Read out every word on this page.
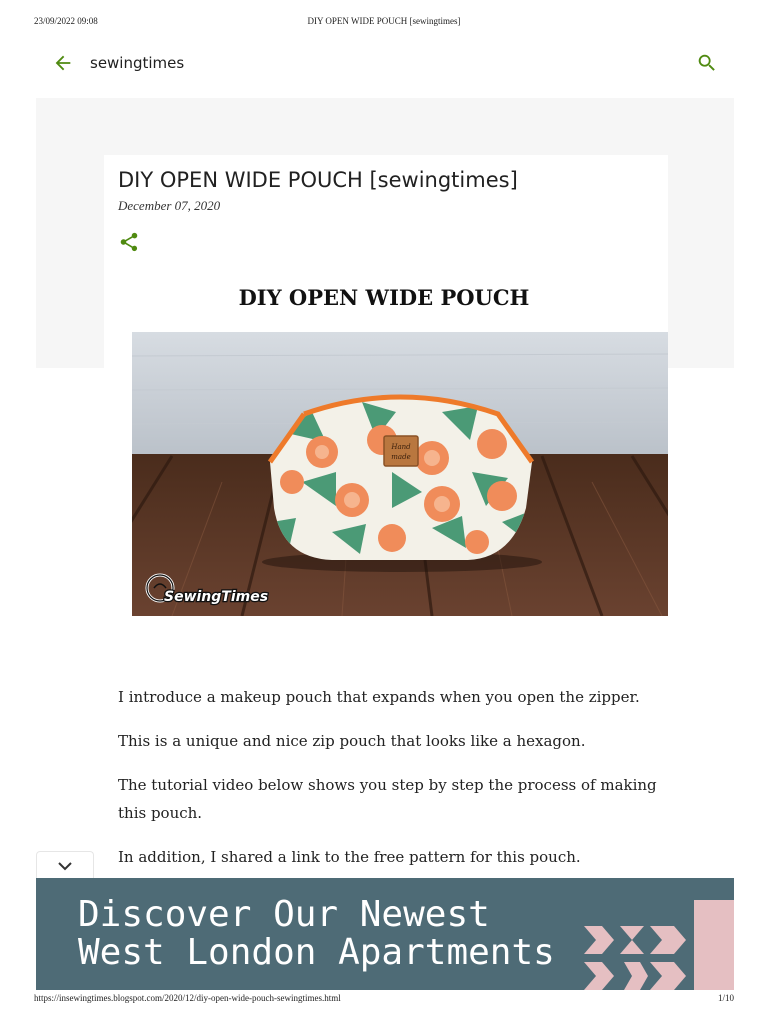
23/09/2022 09:08	DIY OPEN WIDE POUCH [sewingtimes]
sewingtimes
DIY OPEN WIDE POUCH [sewingtimes]
December 07, 2020
DIY OPEN WIDE POUCH
Hand
made
SewingTimes

I introduce a makeup pouch that expands when you open the zipper.

This is a unique and nice zip pouch that looks like a hexagon.

The tutorial video below shows you step by step the process of making this pouch.

In addition, I shared a link to the free pattern for this pouch.

Discover Our Newest
West London Apartments
https://insewingtimes.blogspot.com/2020/12/diy-open-wide-pouch-sewingtimes.html	1/10
